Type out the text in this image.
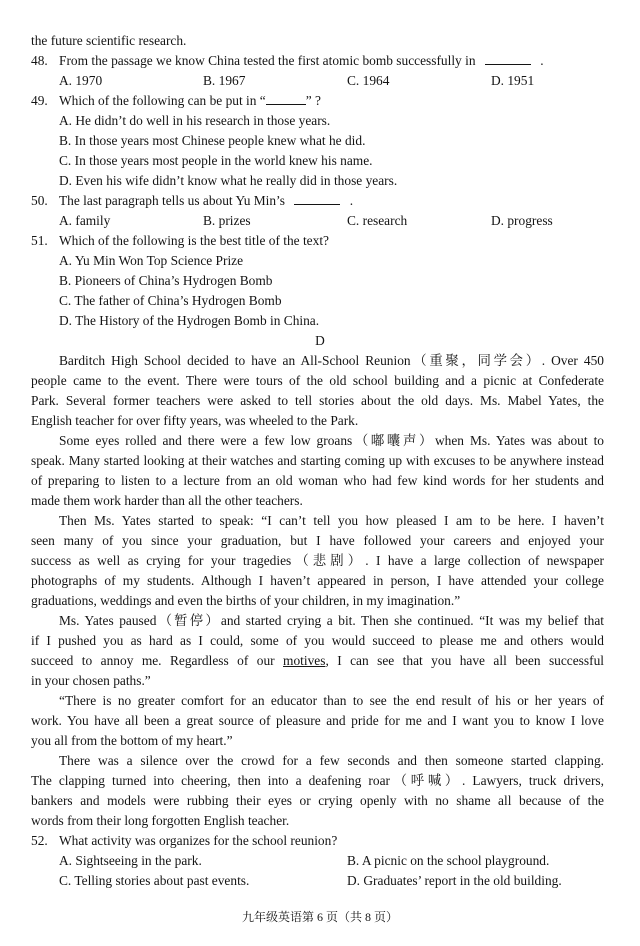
the future scientific research.
48. From the passage we know China tested the first atomic bomb successfully in	.
A. 1970	B. 1967	C. 1964	D. 1951
49. Which of the following can be put in “	” ?
A. He didn’t do well in his research in those years.
B. In those years most Chinese people knew what he did.
C. In those years most people in the world knew his name.
D. Even his wife didn’t know what he really did in those years.
50. The last paragraph tells us about Yu Min’s	.
A. family	B. prizes	C. research	D. progress
51. Which of the following is the best title of the text?
A. Yu Min Won Top Science Prize
B. Pioneers of China’s Hydrogen Bomb
C. The father of China’s Hydrogen Bomb
D. The History of the Hydrogen Bomb in China.
D
Barditch High School decided to have an All-School Reunion（重聚，同学会）. Over 450
people came to the event. There were tours of the old school building and a picnic at Confederate
Park. Several former teachers were asked to tell stories about the old days. Ms. Mabel Yates, the
English teacher for over fifty years, was wheeled to the Park.
Some eyes rolled and there were a few low groans（嘟囔声）when Ms. Yates was about to
speak. Many started looking at their watches and starting coming up with excuses to be anywhere instead
of preparing to listen to a lecture from an old woman who had few kind words for her students and
made them work harder than all the other teachers.
Then Ms. Yates started to speak: “I can’t tell you how pleased I am to be here. I haven’t
seen many of you since your graduation, but I have followed your careers and enjoyed your
success as well as crying for your tragedies（悲剧）. I have a large collection of newspaper
photographs of my students. Although I haven’t appeared in person, I have attended your college
graduations, weddings and even the births of your children, in my imagination.”
Ms. Yates paused（暂停）and started crying a bit. Then she continued. “It was my belief that
if I pushed you as hard as I could, some of you would succeed to please me and others would
succeed to annoy me. Regardless of our motives, I can see that you have all been successful
in your chosen paths.”
“There is no greater comfort for an educator than to see the end result of his or her years of
work. You have all been a great source of pleasure and pride for me and I want you to know I love
you all from the bottom of my heart.”
There was a silence over the crowd for a few seconds and then someone started clapping.
The clapping turned into cheering, then into a deafening roar（呼喊）. Lawyers, truck drivers,
bankers and models were rubbing their eyes or crying openly with no shame all because of the
words from their long forgotten English teacher.
52. What activity was organizes for the school reunion?
A. Sightseeing in the park.	B. A picnic on the school playground.
C. Telling stories about past events.	D. Graduates’ report in the old building.
九年级英语第 6 页（共 8 页）
